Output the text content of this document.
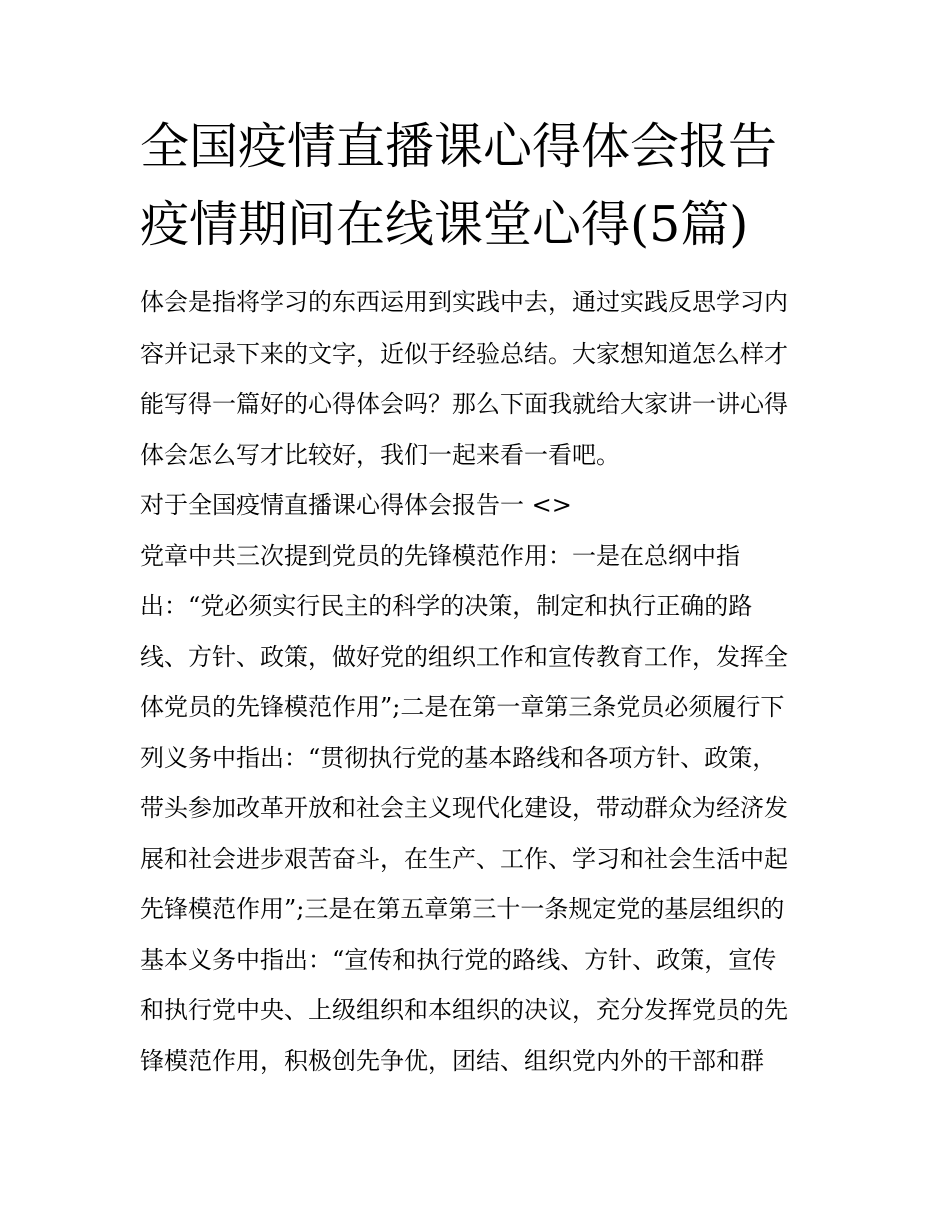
全国疫情直播课心得体会报告
疫情期间在线课堂心得(5篇)
体会是指将学习的东西运用到实践中去，通过实践反思学习内
容并记录下来的文字，近似于经验总结。大家想知道怎么样才
能写得一篇好的心得体会吗？那么下面我就给大家讲一讲心得
体会怎么写才比较好，我们一起来看一看吧。
对于全国疫情直播课心得体会报告一 <>
党章中共三次提到党员的先锋模范作用：一是在总纲中指
出：“党必须实行民主的科学的决策，制定和执行正确的路
线、方针、政策，做好党的组织工作和宣传教育工作，发挥全
体党员的先锋模范作用”;二是在第一章第三条党员必须履行下
列义务中指出：“贯彻执行党的基本路线和各项方针、政策，
带头参加改革开放和社会主义现代化建设，带动群众为经济发
展和社会进步艰苦奋斗，在生产、工作、学习和社会生活中起
先锋模范作用”;三是在第五章第三十一条规定党的基层组织的
基本义务中指出：“宣传和执行党的路线、方针、政策，宣传
和执行党中央、上级组织和本组织的决议，充分发挥党员的先
锋模范作用，积极创先争优，团结、组织党内外的干部和群
